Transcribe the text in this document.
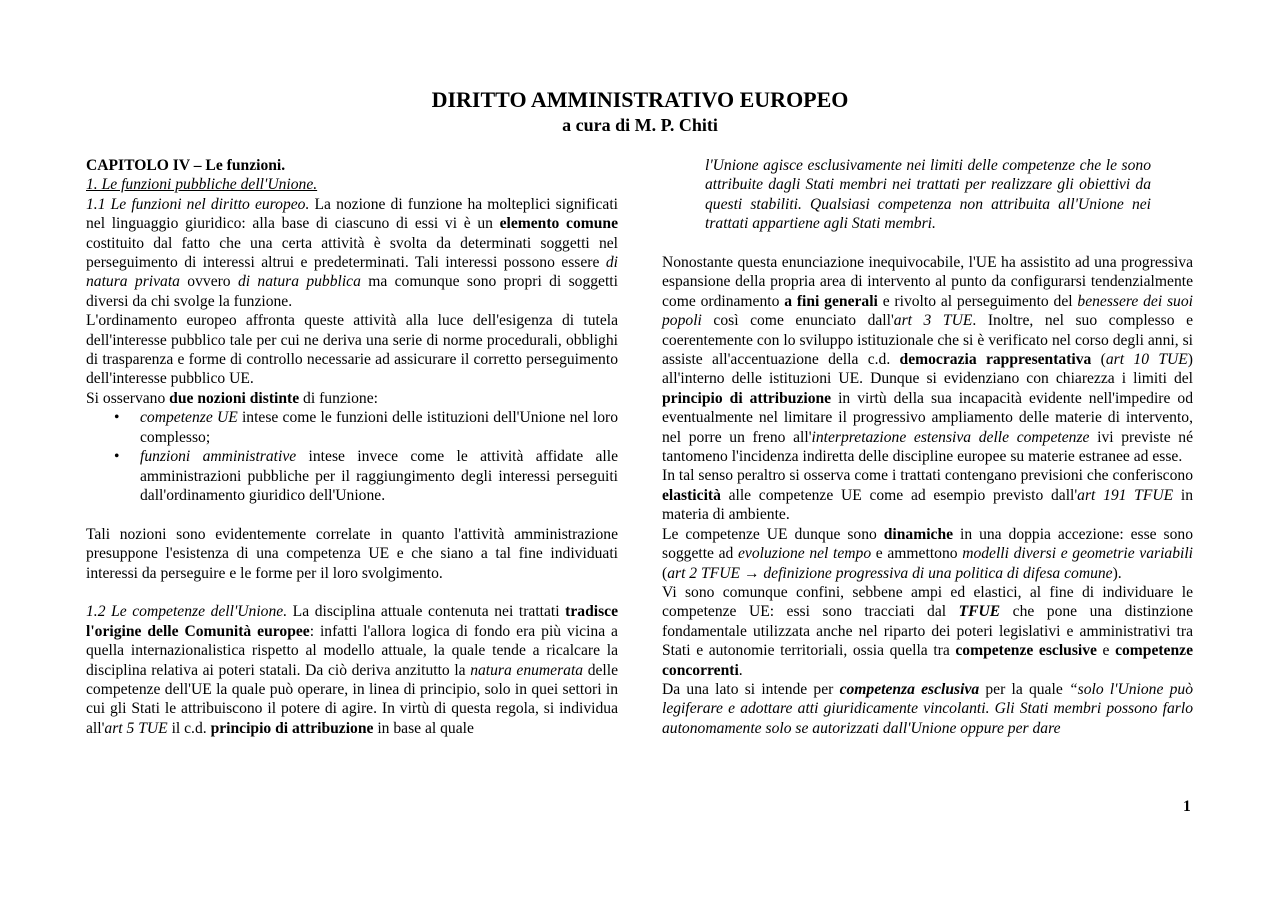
DIRITTO AMMINISTRATIVO EUROPEO
a cura di M. P. Chiti

CAPITOLO IV – Le funzioni.

1. Le funzioni pubbliche dell'Unione.

1.1 Le funzioni nel diritto europeo. La nozione di funzione ha molteplici significati nel linguaggio giuridico: alla base di ciascuno di essi vi è un elemento comune costituito dal fatto che una certa attività è svolta da determinati soggetti nel perseguimento di interessi altrui e predeterminati. Tali interessi possono essere di natura privata ovvero di natura pubblica ma comunque sono propri di soggetti diversi da chi svolge la funzione.

L'ordinamento europeo affronta queste attività alla luce dell'esigenza di tutela dell'interesse pubblico tale per cui ne deriva una serie di norme procedurali, obblighi di trasparenza e forme di controllo necessarie ad assicurare il corretto perseguimento dell'interesse pubblico UE.

Si osservano due nozioni distinte di funzione:

• competenze UE intese come le funzioni delle istituzioni dell'Unione nel loro complesso;
• funzioni amministrative intese invece come le attività affidate alle amministrazioni pubbliche per il raggiungimento degli interessi perseguiti dall'ordinamento giuridico dell'Unione.

Tali nozioni sono evidentemente correlate in quanto l'attività amministrazione presuppone l'esistenza di una competenza UE e che siano a tal fine individuati interessi da perseguire e le forme per il loro svolgimento.

1.2 Le competenze dell'Unione. La disciplina attuale contenuta nei trattati tradisce l'origine delle Comunità europee: infatti l'allora logica di fondo era più vicina a quella internazionalistica rispetto al modello attuale, la quale tende a ricalcare la disciplina relativa ai poteri statali. Da ciò deriva anzitutto la natura enumerata delle competenze dell'UE la quale può operare, in linea di principio, solo in quei settori in cui gli Stati le attribuiscono il potere di agire. In virtù di questa regola, si individua all'art 5 TUE il c.d. principio di attribuzione in base al quale

l'Unione agisce esclusivamente nei limiti delle competenze che le sono attribuite dagli Stati membri nei trattati per realizzare gli obiettivi da questi stabiliti. Qualsiasi competenza non attribuita all'Unione nei trattati appartiene agli Stati membri.

Nonostante questa enunciazione inequivocabile, l'UE ha assistito ad una progressiva espansione della propria area di intervento al punto da configurarsi tendenzialmente come ordinamento a fini generali e rivolto al perseguimento del benessere dei suoi popoli così come enunciato dall'art 3 TUE. Inoltre, nel suo complesso e coerentemente con lo sviluppo istituzionale che si è verificato nel corso degli anni, si assiste all'accentuazione della c.d. democrazia rappresentativa (art 10 TUE) all'interno delle istituzioni UE. Dunque si evidenziano con chiarezza i limiti del principio di attribuzione in virtù della sua incapacità evidente nell'impedire od eventualmente nel limitare il progressivo ampliamento delle materie di intervento, nel porre un freno all'interpretazione estensiva delle competenze ivi previste né tantomeno l'incidenza indiretta delle discipline europee su materie estranee ad esse.

In tal senso peraltro si osserva come i trattati contengano previsioni che conferiscono elasticità alle competenze UE come ad esempio previsto dall'art 191 TFUE in materia di ambiente.

Le competenze UE dunque sono dinamiche in una doppia accezione: esse sono soggette ad evoluzione nel tempo e ammettono modelli diversi e geometrie variabili (art 2 TFUE → definizione progressiva di una politica di difesa comune).

Vi sono comunque confini, sebbene ampi ed elastici, al fine di individuare le competenze UE: essi sono tracciati dal TFUE che pone una distinzione fondamentale utilizzata anche nel riparto dei poteri legislativi e amministrativi tra Stati e autonomie territoriali, ossia quella tra competenze esclusive e competenze concorrenti.

Da una lato si intende per competenza esclusiva per la quale “solo l'Unione può legiferare e adottare atti giuridicamente vincolanti. Gli Stati membri possono farlo autonomamente solo se autorizzati dall'Unione oppure per dare

1
